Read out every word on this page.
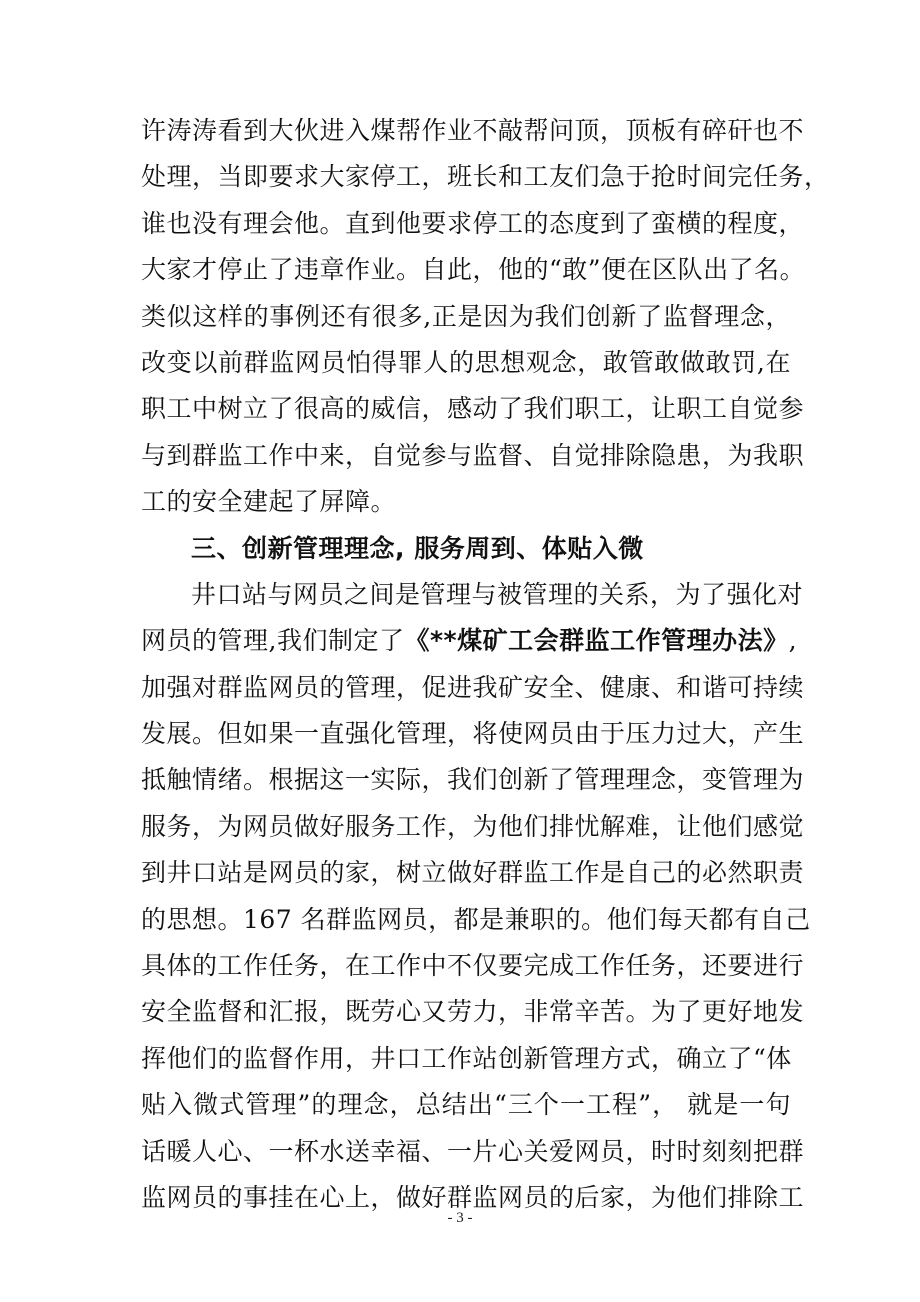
许涛涛看到大伙进入煤帮作业不敲帮问顶，顶板有碎矸也不
处理，当即要求大家停工，班长和工友们急于抢时间完任务，
谁也没有理会他。直到他要求停工的态度到了蛮横的程度，
大家才停止了违章作业。自此，他的“敢”便在区队出了名。
类似这样的事例还有很多,正是因为我们创新了监督理念，
改变以前群监网员怕得罪人的思想观念，敢管敢做敢罚,在
职工中树立了很高的威信，感动了我们职工，让职工自觉参
与到群监工作中来，自觉参与监督、自觉排除隐患，为我职
工的安全建起了屏障。
三、创新管理理念, 服务周到、体贴入微
井口站与网员之间是管理与被管理的关系，为了强化对
网员的管理,我们制定了《**煤矿工会群监工作管理办法》,
加强对群监网员的管理，促进我矿安全、健康、和谐可持续
发展。但如果一直强化管理，将使网员由于压力过大，产生
抵触情绪。根据这一实际，我们创新了管理理念，变管理为
服务，为网员做好服务工作，为他们排忧解难，让他们感觉
到井口站是网员的家，树立做好群监工作是自己的必然职责
的思想。167 名群监网员，都是兼职的。他们每天都有自己
具体的工作任务，在工作中不仅要完成工作任务，还要进行
安全监督和汇报，既劳心又劳力，非常辛苦。为了更好地发
挥他们的监督作用，井口工作站创新管理方式，确立了“体
贴入微式管理”的理念，总结出“三个一工程”， 就是一句
话暖人心、一杯水送幸福、一片心关爱网员，时时刻刻把群
监网员的事挂在心上，做好群监网员的后家，为他们排除工
- 3 -
